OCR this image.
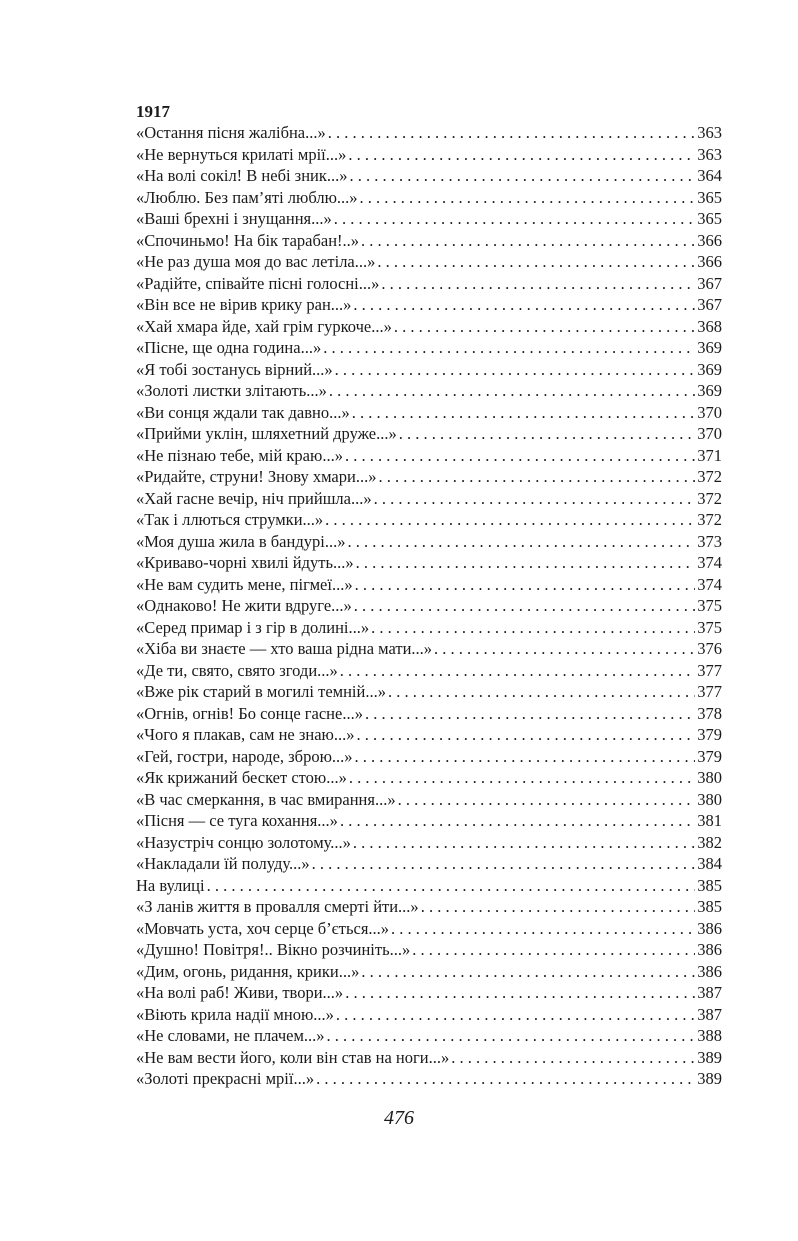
1917
«Остання пісня жалібна...» . . .	363
«Не вернуться крилаті мрії...» . . .	363
«На волі сокіл! В небі зник...» . . .	364
«Люблю. Без пам’яті люблю...» . . .	365
«Ваші брехні і знущання...» . . .	365
«Спочиньмо! На бік тарабан!..» . . .	366
«Не раз душа моя до вас летіла...» . . .	366
«Радійте, співайте пісні голосні...» . . .	367
«Він все не вірив крику ран...» . . .	367
«Хай хмара йде, хай грім гуркоче...» . . .	368
«Пісне, ще одна година...» . . .	369
«Я тобі зостанусь вірний...» . . .	369
«Золоті листки злітають...» . . .	369
«Ви сонця ждали так давно...» . . .	370
«Прийми уклін, шляхетний друже...» . . .	370
«Не пізнаю тебе, мій краю...» . . .	371
«Ридайте, струни! Знову хмари...» . . .	372
«Хай гасне вечір, ніч прийшла...» . . .	372
«Так і ллються струмки...» . . .	372
«Моя душа жила в бандурі...» . . .	373
«Криваво-чорні хвилі йдуть...» . . .	374
«Не вам судить мене, пігмеї...» . . .	374
«Однаково! Не жити вдруге...» . . .	375
«Серед примар і з гір в долині...» . . .	375
«Хіба ви знаєте — хто ваша рідна мати...» . . .	376
«Де ти, свято, свято згоди...» . . .	377
«Вже рік старий в могилі темній...» . . .	377
«Огнів, огнів! Бо сонце гасне...» . . .	378
«Чого я плакав, сам не знаю...» . . .	379
«Гей, гостри, народе, зброю...» . . .	379
«Як крижаний бескет стою...» . . .	380
«В час смеркання, в час вмирання...» . . .	380
«Пісня — се туга кохання...» . . .	381
«Назустріч сонцю золотому...» . . .	382
«Накладали їй полуду...» . . .	384
На вулиці . . .	385
«З ланів життя в провалля смерті йти...» . . .	385
«Мовчать уста, хоч серце б’ється...» . . .	386
«Душно! Повітря!.. Вікно розчиніть...» . . .	386
«Дим, огонь, ридання, крики...» . . .	386
«На волі раб! Живи, твори...» . . .	387
«Віють крила надії мною...» . . .	387
«Не словами, не плачем...» . . .	388
«Не вам вести його, коли він став на ноги...» . . .	389
«Золоті прекрасні мрії...» . . .	389
476
